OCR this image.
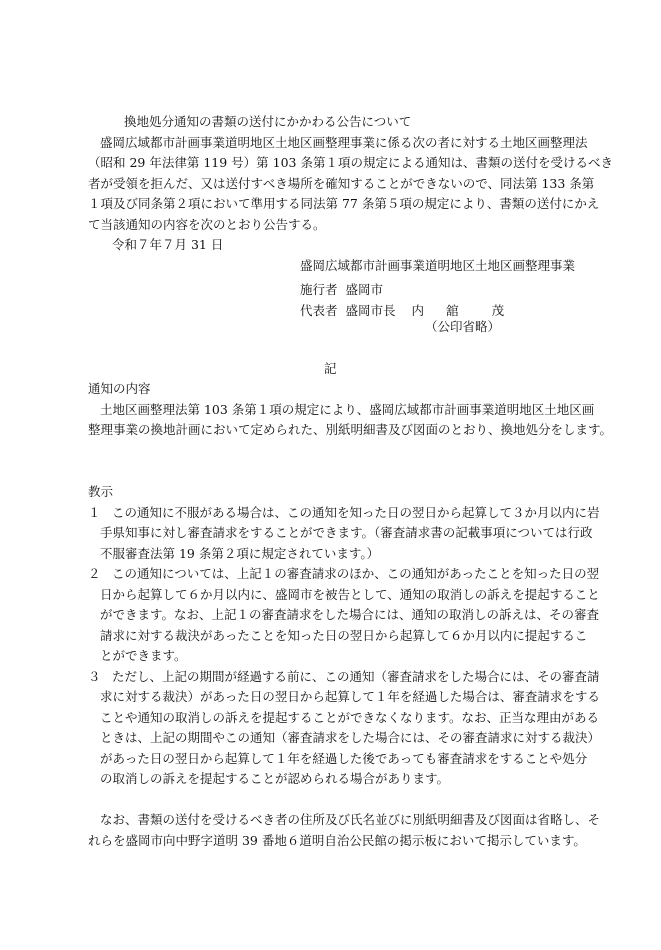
換地処分通知の書類の送付にかかわる公告について
盛岡広域都市計画事業道明地区土地区画整理事業に係る次の者に対する土地区画整理法
（昭和 29 年法律第 119 号）第 103 条第１項の規定による通知は、書類の送付を受けるべき
者が受領を拒んだ、又は送付すべき場所を確知することができないので、同法第 133 条第
１項及び同条第２項において準用する同法第 77 条第５項の規定により、書類の送付にかえ
て当該通知の内容を次のとおり公告する。
令和７年７月 31 日
盛岡広域都市計画事業道明地区土地区画整理事業
施行者 盛岡市
代表者 盛岡市長 内 舘	茂
（公印省略）
記
通知の内容
土地区画整理法第 103 条第１項の規定により、盛岡広域都市計画事業道明地区土地区画
整理事業の換地計画において定められた、別紙明細書及び図面のとおり、換地処分をします。
教示
１ この通知に不服がある場合は、この通知を知った日の翌日から起算して３か月以内に岩
手県知事に対し審査請求をすることができます。（審査請求書の記載事項については行政
不服審査法第 19 条第２項に規定されています。）
２ この通知については、上記１の審査請求のほか、この通知があったことを知った日の翌
日から起算して６か月以内に、盛岡市を被告として、通知の取消しの訴えを提起すること
ができます。なお、上記１の審査請求をした場合には、通知の取消しの訴えは、その審査
請求に対する裁決があったことを知った日の翌日から起算して６か月以内に提起するこ
とができます。
３ ただし、上記の期間が経過する前に、この通知（審査請求をした場合には、その審査請
求に対する裁決）があった日の翌日から起算して１年を経過した場合は、審査請求をする
ことや通知の取消しの訴えを提起することができなくなります。なお、正当な理由がある
ときは、上記の期間やこの通知（審査請求をした場合には、その審査請求に対する裁決）
があった日の翌日から起算して１年を経過した後であっても審査請求をすることや処分
の取消しの訴えを提起することが認められる場合があります。
なお、書類の送付を受けるべき者の住所及び氏名並びに別紙明細書及び図面は省略し、そ
れらを盛岡市向中野字道明 39 番地６道明自治公民館の掲示板において掲示しています。
